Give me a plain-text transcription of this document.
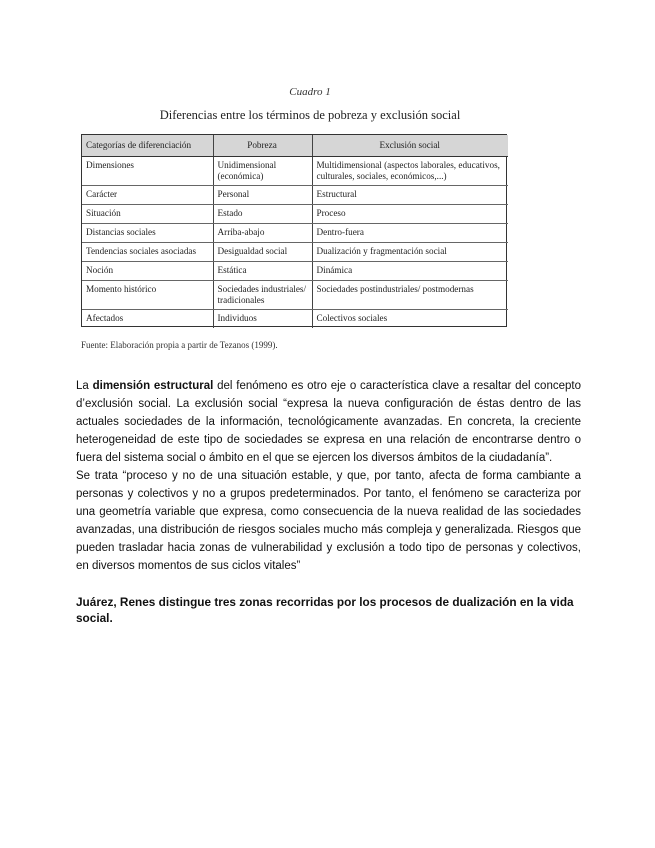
Cuadro 1
Diferencias entre los términos de pobreza y exclusión social
Categorías de diferenciación	Pobreza	Exclusión social
Dimensiones	Unidimensional (económica)	Multidimensional (aspectos laborales, educativos, culturales, sociales, económicos,...)
Carácter	Personal	Estructural
Situación	Estado	Proceso
Distancias sociales	Arriba-abajo	Dentro-fuera
Tendencias sociales asociadas	Desigualdad social	Dualización y fragmentación social
Noción	Estática	Dinámica
Momento histórico	Sociedades industriales/ tradicionales	Sociedades postindustriales/ postmodernas
Afectados	Individuos	Colectivos sociales
Fuente: Elaboración propia a partir de Tezanos (1999).

La dimensión estructural del fenómeno es otro eje o característica clave a resaltar del concepto d’exclusión social. La exclusión social “expresa la nueva configuración de éstas dentro de las actuales sociedades de la información, tecnológicamente avanzadas. En concreta, la creciente heterogeneidad de este tipo de sociedades se expresa en una relación de encontrarse dentro o fuera del sistema social o ámbito en el que se ejercen los diversos ámbitos de la ciudadanía”.

Se trata “proceso y no de una situación estable, y que, por tanto, afecta de forma cambiante a personas y colectivos y no a grupos predeterminados. Por tanto, el fenómeno se caracteriza por una geometría variable que expresa, como consecuencia de la nueva realidad de las sociedades avanzadas, una distribución de riesgos sociales mucho más compleja y generalizada. Riesgos que pueden trasladar hacia zonas de vulnerabilidad y exclusión a todo tipo de personas y colectivos, en diversos momentos de sus ciclos vitales”

Juárez, Renes distingue tres zonas recorridas por los procesos de dualización en la vida social.
